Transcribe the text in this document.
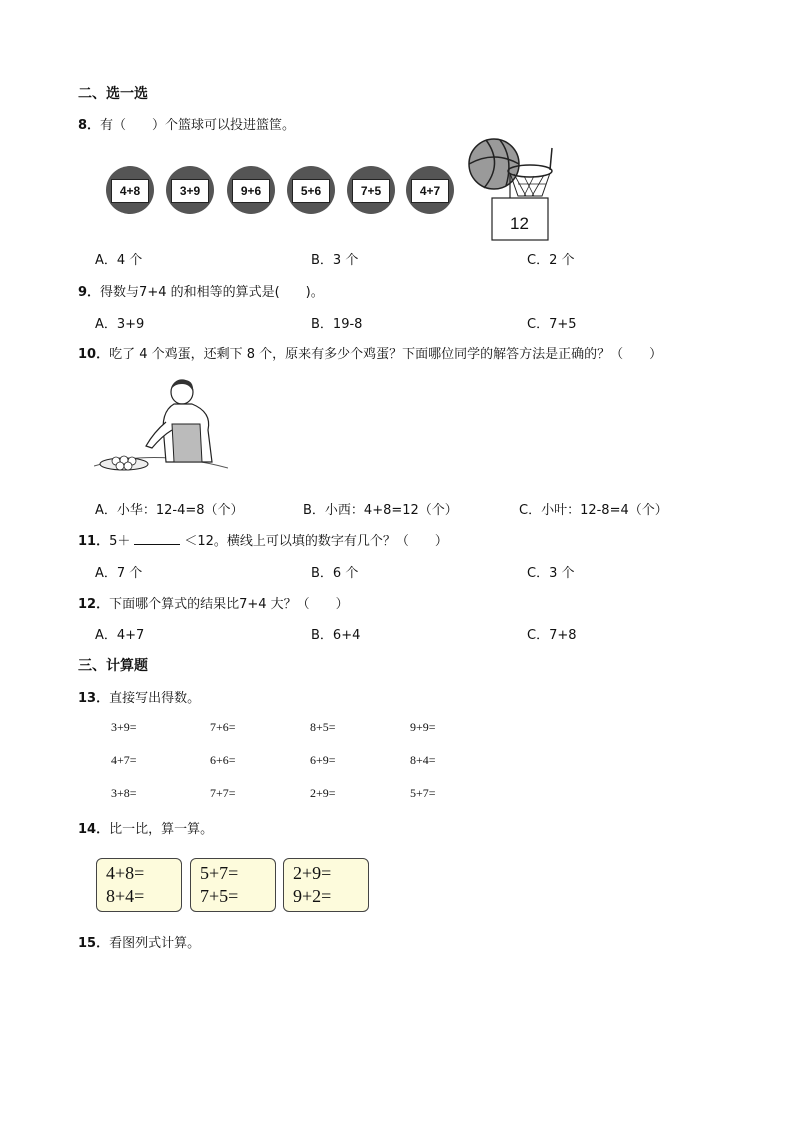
二、选一选
8．有（　　）个篮球可以投进篮筐。
4+8	3+9	9+6	5+6	7+5	4+7
12
A．4 个	B．3 个	C．2 个
9．得数与7+4 的和相等的算式是(　　)。
A．3+9	B．19-8	C．7+5
10．吃了 4 个鸡蛋，还剩下 8 个，原来有多少个鸡蛋？下面哪位同学的解答方法是正确的？（　　）
A．小华：12-4=8（个）	B．小西：4+8=12（个）	C．小叶：12-8=4（个）
11．5＋	＜12。横线上可以填的数字有几个？（　　）
A．7 个	B．6 个	C．3 个
12．下面哪个算式的结果比7+4 大？（　　）
A．4+7	B．6+4	C．7+8
三、计算题
13．直接写出得数。
3+9=	7+6=	8+5=	9+9=
4+7=	6+6=	6+9=	8+4=
3+8=	7+7=	2+9=	5+7=
14．比一比，算一算。
4+8=
8+4=
5+7=
7+5=
2+9=
9+2=
15．看图列式计算。
